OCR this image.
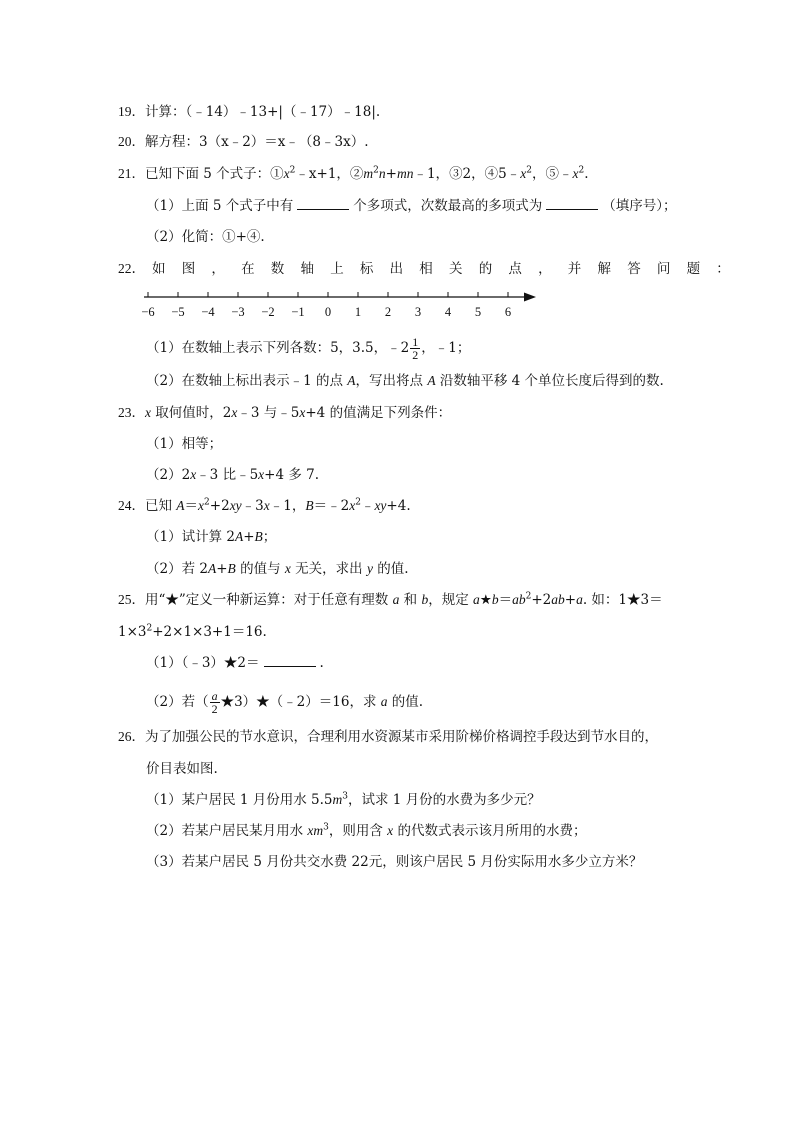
19．计算：（﹣14）﹣13+|（﹣17）﹣18|.
20．解方程：3（x﹣2）＝x﹣（8﹣3x）.
21．已知下面 5 个式子：$①x^2﹣x+1$，$②m^2n+mn﹣1$，③2，$④5﹣x^2$，$⑤﹣x^2$.
（1）上面 5 个式子中有	个多项式，次数最高的多项式为	（填序号）；
（2）化简：①+④.
22.如图，在数轴上标出相关的点，并解答问题：
−6 −5 −4 −3 −2 −1 0 1 2 3 4 5 6
（1）在数轴上表示下列各数：5，3.5，﹣2 $\frac{1}{2}$ ，﹣1；
（2）在数轴上标出表示﹣1 的点 A，写出将点 A 沿数轴平移 4 个单位长度后得到的数.
23．x 取何值时，2x﹣3 与﹣5x+4 的值满足下列条件：
（1）相等；
（2）2x﹣3 比﹣5x+4 多 7.
24．已知 $A=x^2+2xy﹣3x﹣1$，$B=﹣2x^2﹣xy+4$.
（1）试计算 2A+B；
（2）若 2A+B 的值与 x 无关，求出 y 的值.
25．用“★”定义一种新运算：对于任意有理数 a 和 b，规定 $a★b=ab^2+2ab+a$. 如：1★3＝
$1\times 3^2+2\times 1\times 3+1=16$.
（1）（﹣3）★2＝	.
（2）若（ $\frac{a}{2}$ ★3）★（﹣2）＝16，求 a 的值.
26．为了加强公民的节水意识，合理利用水资源某市采用阶梯价格调控手段达到节水目的，
价目表如图.
（1）某户居民 1 月份用水 $5.5m^3$，试求 1 月份的水费为多少元？
（2）若某户居民某月用水 $xm^3$，则用含 x 的代数式表示该月所用的水费；
（3）若某户居民 5 月份共交水费 22元，则该户居民 5 月份实际用水多少立方米？
